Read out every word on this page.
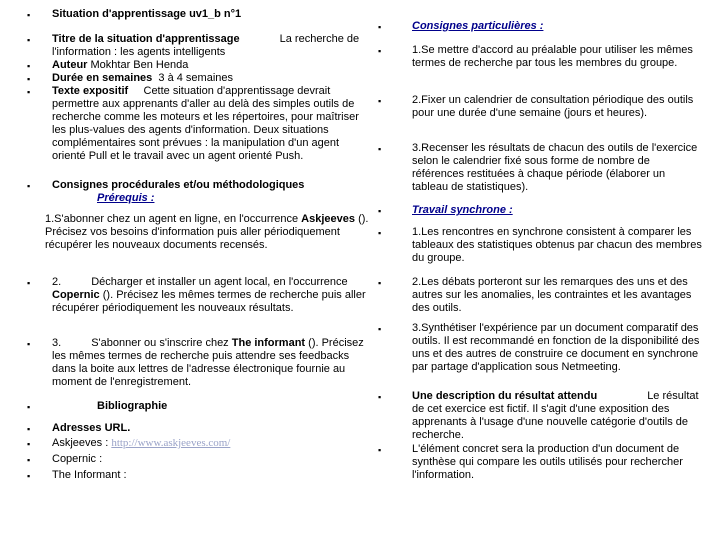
▪ Situation d'apprentissage uv1_b n°1
▪ Titre de la situation d'apprentissage	La recherche de l'information : les agents intelligents
▪ Auteur Mokhtar Ben Henda
▪ Durée en semaines 3 à 4 semaines
▪ Texte expositif Cette situation d'apprentissage devrait permettre aux apprenants d'aller au delà des simples outils de recherche comme les moteurs et les répertoires, pour maîtriser les plus-values des agents d'information. Deux situations complémentaires sont prévues : la manipulation d'un agent orienté Pull et le travail avec un agent orienté Push.
▪ Consignes procédurales et/ou méthodologiques
Prérequis :
1.S'abonner chez un agent en ligne, en l'occurrence Askjeeves (). Précisez vos besoins d'information puis aller périodiquement récupérer les nouveaux documents recensés.
▪ 2.	Décharger et installer un agent local, en l'occurrence Copernic (). Précisez les mêmes termes de recherche puis aller récupérer périodiquement les nouveaux résultats.
▪ 3.	S'abonner ou s'inscrire chez The informant (). Précisez les mêmes termes de recherche puis attendre ses feedbacks dans la boite aux lettres de l'adresse électronique fournie au moment de l'enregistrement.
▪	Bibliographie
▪ Adresses URL.
▪ Askjeeves : http://www.askjeeves.com/
▪ Copernic :
▪ The Informant :
▪	Consignes particulières :
▪	1.Se mettre d'accord au préalable pour utiliser les mêmes termes de recherche par tous les membres du groupe.
▪	2.Fixer un calendrier de consultation périodique des outils pour une durée d'une semaine (jours et heures).
▪	3.Recenser les résultats de chacun des outils de l'exercice selon le calendrier fixé sous forme de nombre de références restituées à chaque période (élaborer un tableau de statistiques).
▪	Travail synchrone :
▪	1.Les rencontres en synchrone consistent à comparer les tableaux des statistiques obtenus par chacun des membres du groupe.
▪	2.Les débats porteront sur les remarques des uns et des autres sur les anomalies, les contraintes et les avantages des outils.
▪	3.Synthétiser l'expérience par un document comparatif des outils. Il est recommandé en fonction de la disponibilité des uns et des autres de construire ce document en synchrone par partage d'application sous Netmeeting.
▪	Une description du résultat attendu	Le résultat de cet exercice est fictif. Il s'agit d'une exposition des apprenants à l'usage d'une nouvelle catégorie d'outils de recherche.
▪	L'élément concret sera la production d'un document de synthèse qui compare les outils utilisés pour rechercher l'information.
